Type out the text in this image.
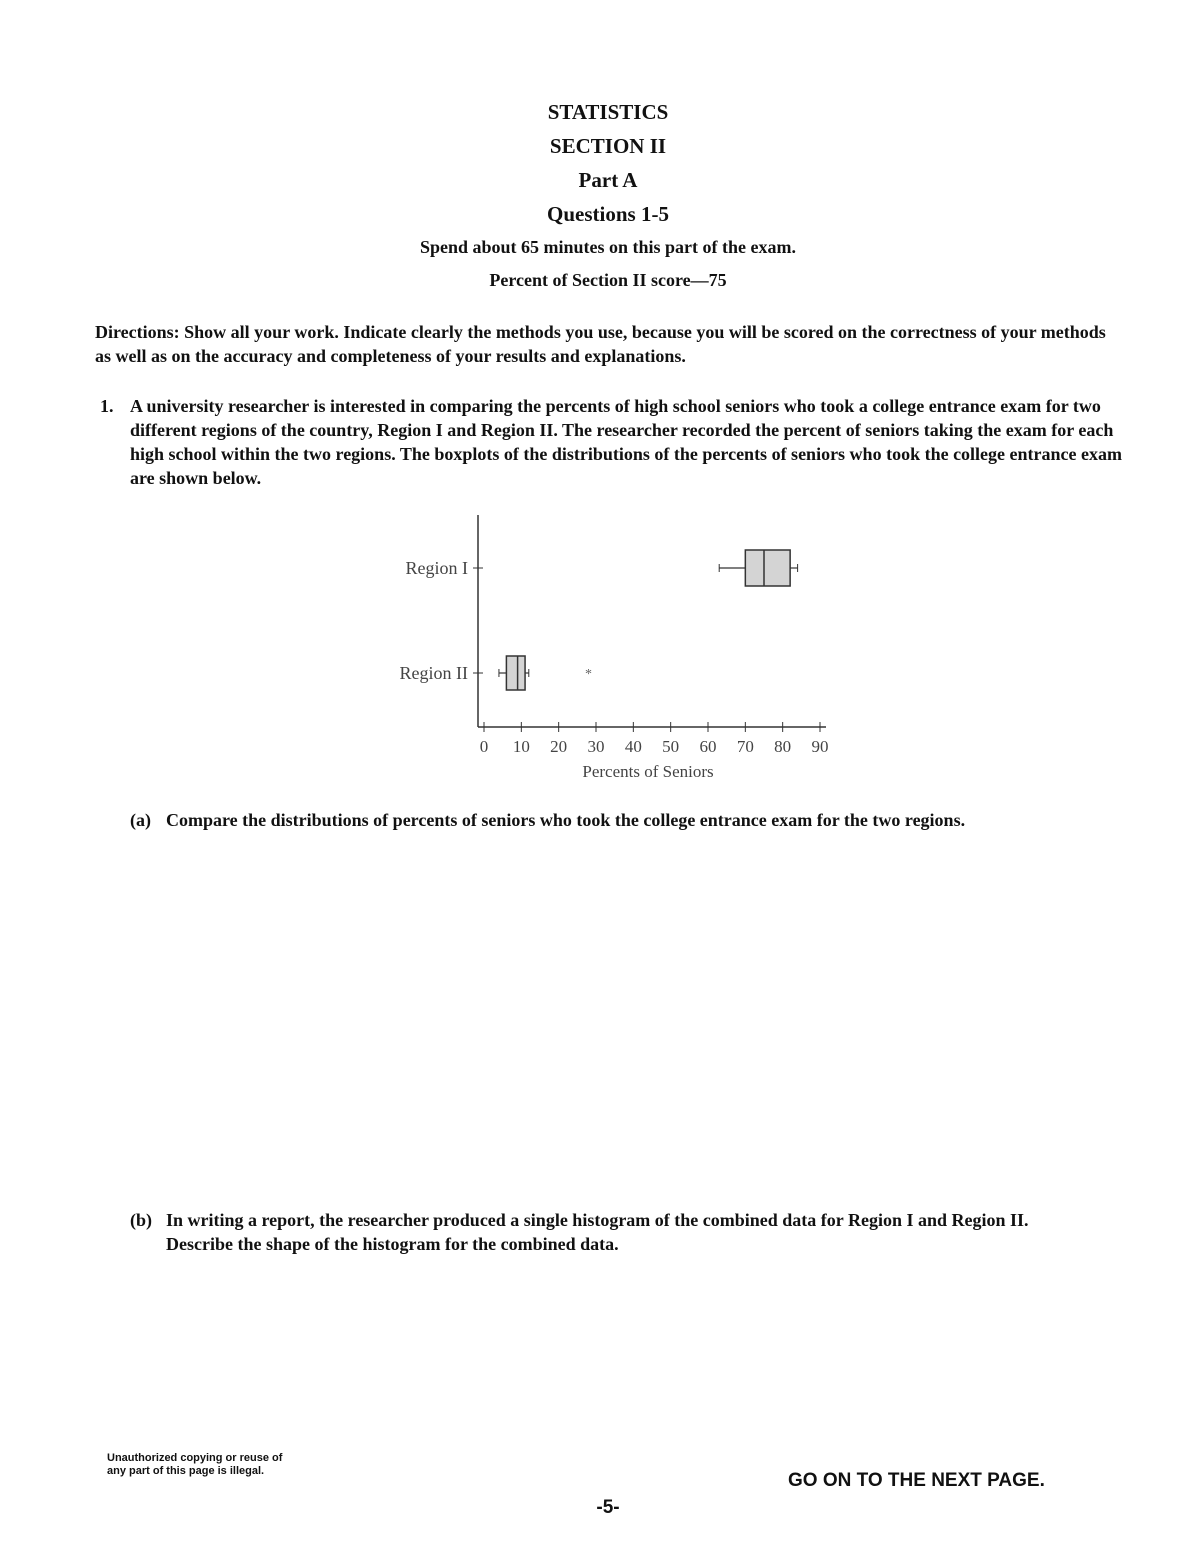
STATISTICS
SECTION II
Part A
Questions 1-5
Spend about 65 minutes on this part of the exam.
Percent of Section II score—75
Directions: Show all your work. Indicate clearly the methods you use, because you will be scored on the correctness of your methods as well as on the accuracy and completeness of your results and explanations.
1. A university researcher is interested in comparing the percents of high school seniors who took a college entrance exam for two different regions of the country, Region I and Region II. The researcher recorded the percent of seniors taking the exam for each high school within the two regions. The boxplots of the distributions of the percents of seniors who took the college entrance exam are shown below.
0 10 20 30 40 50 60 70 80 90
Percents of Seniors
Region I
Region II	*
(a) Compare the distributions of percents of seniors who took the college entrance exam for the two regions.
(b) In writing a report, the researcher produced a single histogram of the combined data for Region I and Region II. Describe the shape of the histogram for the combined data.
Unauthorized copying or reuse of
any part of this page is illegal.	GO ON TO THE NEXT PAGE.
-5-
